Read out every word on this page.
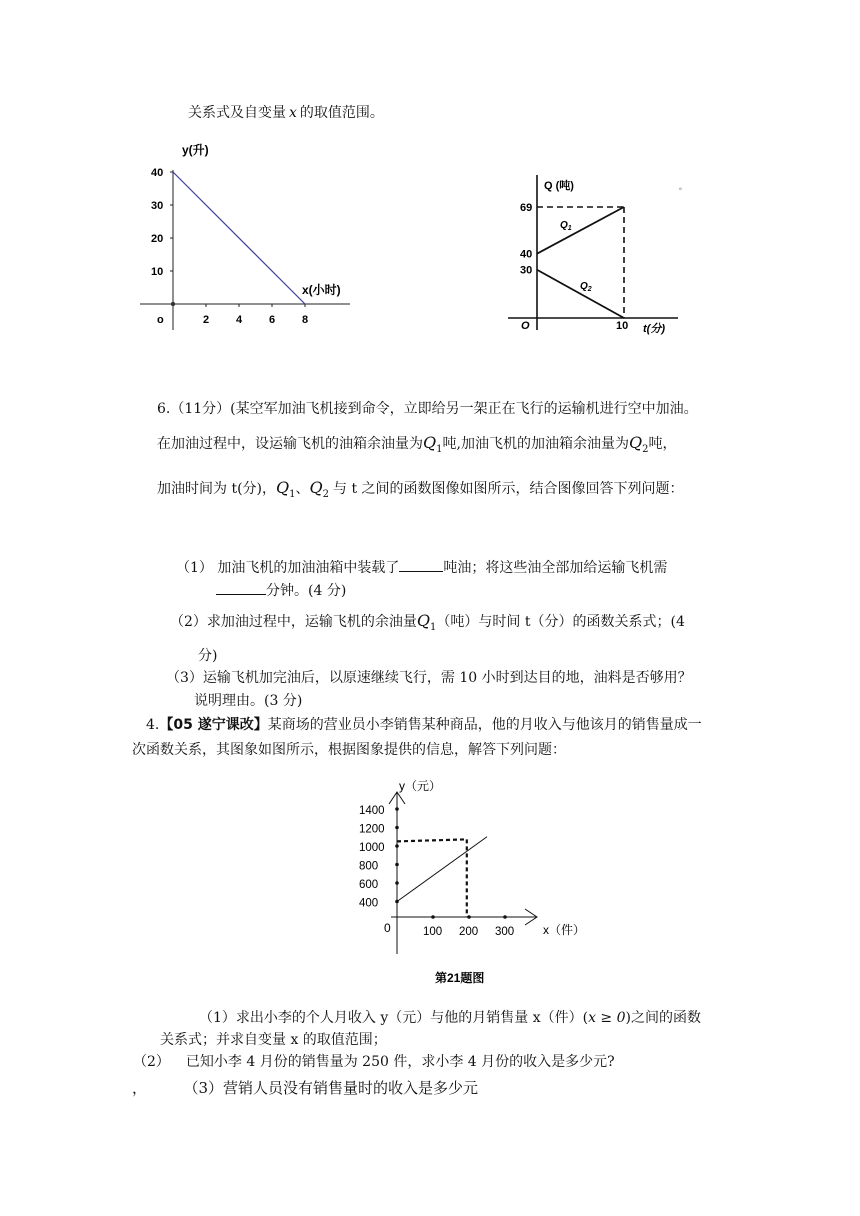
关系式及自变量 x 的取值范围。
y(升)
10
20
30
40
2 4 6 8
o
x(小时)
Q (吨)
t(分)
O
30
40
69
10
$Q_1$
$Q_2$
˚
6.（11分）(某空军加油飞机接到命令，立即给另一架正在飞行的运输机进行空中加油。
在加油过程中，设运输飞机的油箱余油量为$Q_1$吨,加油飞机的加油箱余油量为$Q_2$吨，
加油时间为 t(分)，$Q_1$、$Q_2$ 与 t 之间的函数图像如图所示，结合图像回答下列问题：
（1） 加油飞机的加油油箱中装载了	吨油；将这些油全部加给运输飞机需
分钟。(4 分)
（2）求加油过程中，运输飞机的余油量$Q_1$（吨）与时间 t（分）的函数关系式；(4
分)
（3）运输飞机加完油后，以原速继续飞行，需 10 小时到达目的地，油料是否够用？
说明理由。(3 分)
4.【05 遂宁课改】某商场的营业员小李销售某种商品，他的月收入与他该月的销售量成一
次函数关系，其图象如图所示，根据图象提供的信息，解答下列问题：
y（元）
0	x（件）
400
600
800
1000
1200
1400
100 200 300
第21题图
（1）求出小李的个人月收入 y（元）与他的月销售量 x（件）(x ≥ 0)之间的函数
关系式；并求自变量 x 的取值范围；
（2） 已知小李 4 月份的销售量为 250 件，求小李 4 月份的收入是多少元?
，	（3）营销人员没有销售量时的收入是多少元
